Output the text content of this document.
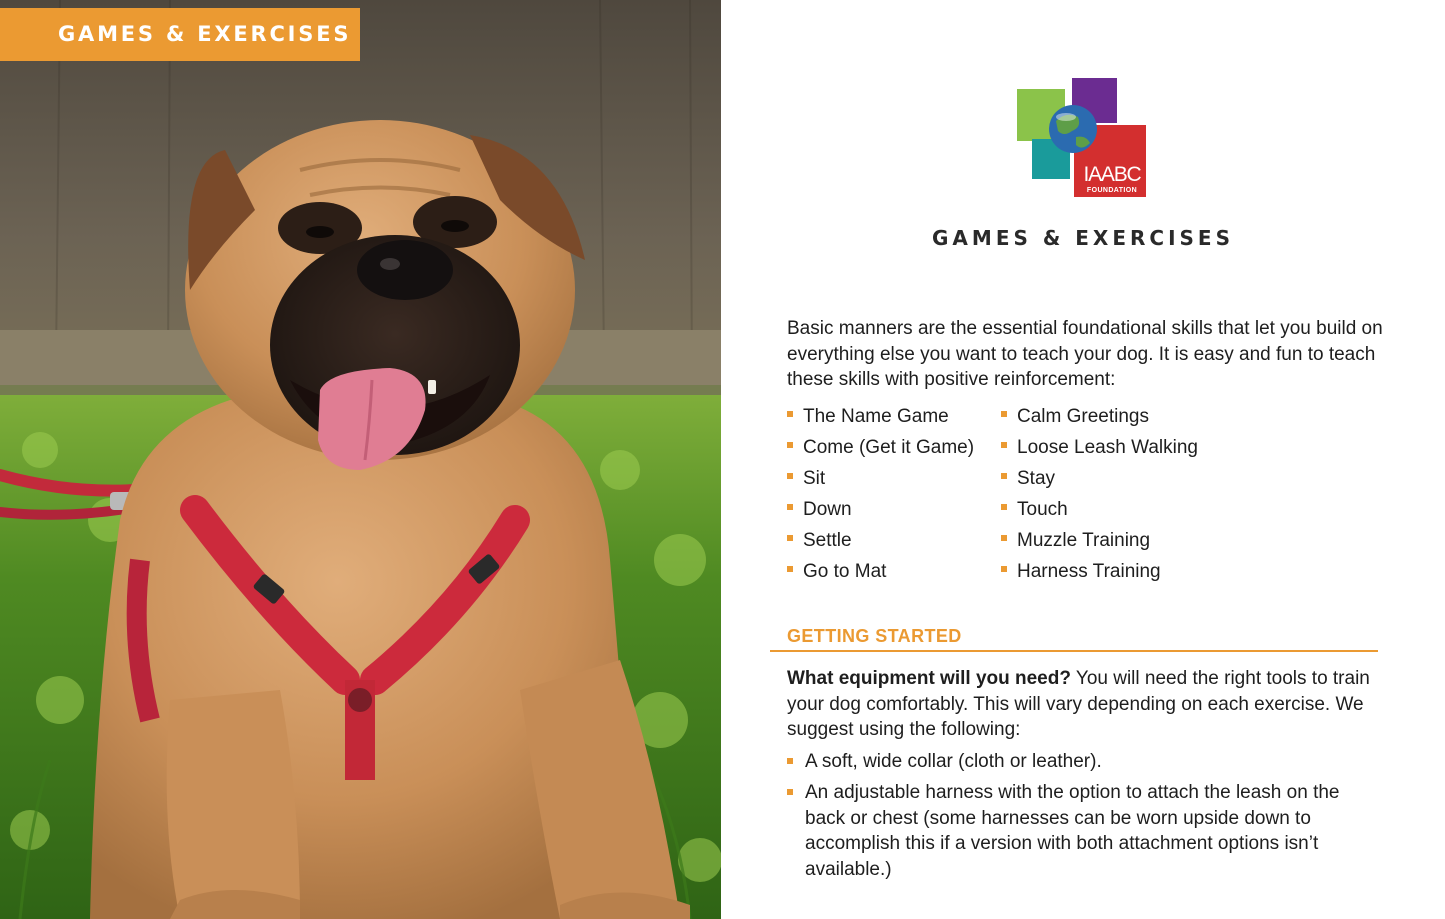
GAMES & EXERCISES
IAABC
FOUNDATION
GAMES & EXERCISES

Basic manners are the essential foundational skills that let you build on everything else you want to teach your dog. It is easy and fun to teach these skills with positive reinforcement:

The Name Game
Come (Get it Game)
Sit
Down
Settle
Go to Mat
Calm Greetings
Loose Leash Walking
Stay
Touch
Muzzle Training
Harness Training
GETTING STARTED

What equipment will you need? You will need the right tools to train your dog comfortably. This will vary depending on each exercise. We suggest using the following:

A soft, wide collar (cloth or leather).
An adjustable harness with the option to attach the leash on the back or chest (some harnesses can be worn upside down to accomplish this if a version with both attachment options isn’t available.)
